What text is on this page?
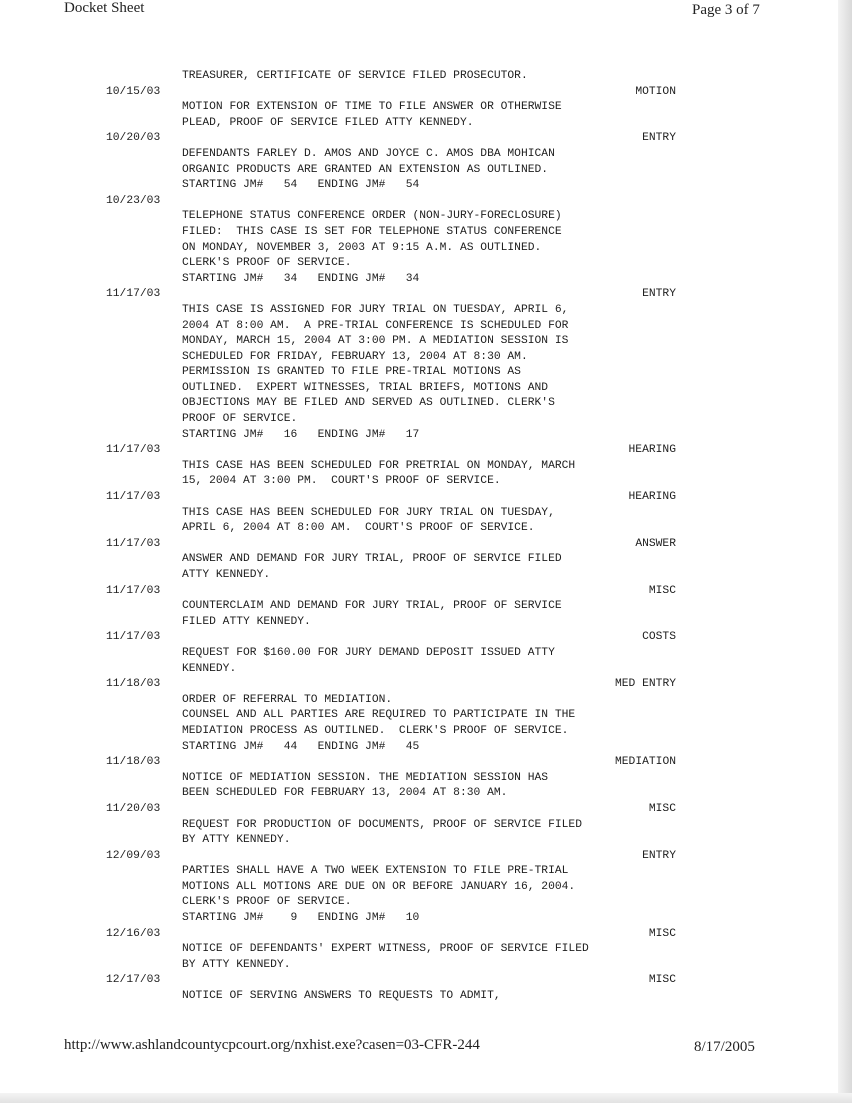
Docket Sheet	Page 3 of 7
TREASURER, CERTIFICATE OF SERVICE FILED PROSECUTOR.
10/15/03	MOTION
MOTION FOR EXTENSION OF TIME TO FILE ANSWER OR OTHERWISE
PLEAD, PROOF OF SERVICE FILED ATTY KENNEDY.
10/20/03	ENTRY
DEFENDANTS FARLEY D. AMOS AND JOYCE C. AMOS DBA MOHICAN
ORGANIC PRODUCTS ARE GRANTED AN EXTENSION AS OUTLINED.
STARTING JM#   54   ENDING JM#   54
10/23/03
TELEPHONE STATUS CONFERENCE ORDER (NON-JURY-FORECLOSURE)
FILED:  THIS CASE IS SET FOR TELEPHONE STATUS CONFERENCE
ON MONDAY, NOVEMBER 3, 2003 AT 9:15 A.M. AS OUTLINED.
CLERK'S PROOF OF SERVICE.
STARTING JM#   34   ENDING JM#   34
11/17/03	ENTRY
THIS CASE IS ASSIGNED FOR JURY TRIAL ON TUESDAY, APRIL 6,
2004 AT 8:00 AM.  A PRE-TRIAL CONFERENCE IS SCHEDULED FOR
MONDAY, MARCH 15, 2004 AT 3:00 PM. A MEDIATION SESSION IS
SCHEDULED FOR FRIDAY, FEBRUARY 13, 2004 AT 8:30 AM.
PERMISSION IS GRANTED TO FILE PRE-TRIAL MOTIONS AS
OUTLINED.  EXPERT WITNESSES, TRIAL BRIEFS, MOTIONS AND
OBJECTIONS MAY BE FILED AND SERVED AS OUTLINED. CLERK'S
PROOF OF SERVICE.
STARTING JM#   16   ENDING JM#   17
11/17/03	HEARING
THIS CASE HAS BEEN SCHEDULED FOR PRETRIAL ON MONDAY, MARCH
15, 2004 AT 3:00 PM.  COURT'S PROOF OF SERVICE.
11/17/03	HEARING
THIS CASE HAS BEEN SCHEDULED FOR JURY TRIAL ON TUESDAY,
APRIL 6, 2004 AT 8:00 AM.  COURT'S PROOF OF SERVICE.
11/17/03	ANSWER
ANSWER AND DEMAND FOR JURY TRIAL, PROOF OF SERVICE FILED
ATTY KENNEDY.
11/17/03	MISC
COUNTERCLAIM AND DEMAND FOR JURY TRIAL, PROOF OF SERVICE
FILED ATTY KENNEDY.
11/17/03	COSTS
REQUEST FOR $160.00 FOR JURY DEMAND DEPOSIT ISSUED ATTY
KENNEDY.
11/18/03	MED ENTRY
ORDER OF REFERRAL TO MEDIATION.
COUNSEL AND ALL PARTIES ARE REQUIRED TO PARTICIPATE IN THE
MEDIATION PROCESS AS OUTILNED.  CLERK'S PROOF OF SERVICE.
STARTING JM#   44   ENDING JM#   45
11/18/03	MEDIATION
NOTICE OF MEDIATION SESSION. THE MEDIATION SESSION HAS
BEEN SCHEDULED FOR FEBRUARY 13, 2004 AT 8:30 AM.
11/20/03	MISC
REQUEST FOR PRODUCTION OF DOCUMENTS, PROOF OF SERVICE FILED
BY ATTY KENNEDY.
12/09/03	ENTRY
PARTIES SHALL HAVE A TWO WEEK EXTENSION TO FILE PRE-TRIAL
MOTIONS ALL MOTIONS ARE DUE ON OR BEFORE JANUARY 16, 2004.
CLERK'S PROOF OF SERVICE.
STARTING JM#    9   ENDING JM#   10
12/16/03	MISC
NOTICE OF DEFENDANTS' EXPERT WITNESS, PROOF OF SERVICE FILED
BY ATTY KENNEDY.
12/17/03	MISC
NOTICE OF SERVING ANSWERS TO REQUESTS TO ADMIT,
http://www.ashlandcountycpcourt.org/nxhist.exe?casen=03-CFR-244	8/17/2005
